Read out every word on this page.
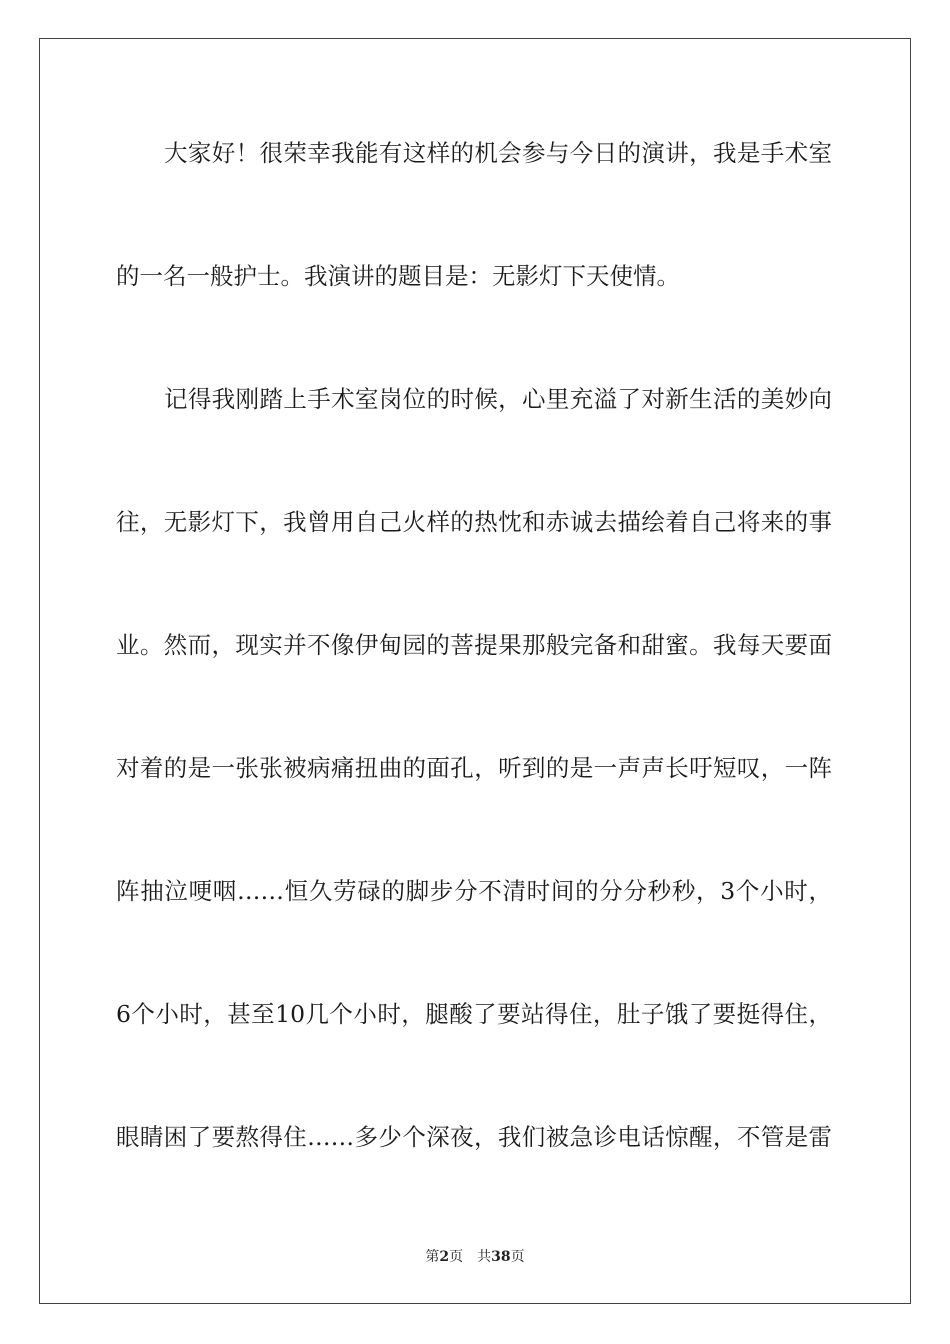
大家好！很荣幸我能有这样的机会参与今日的演讲，我是手术室
的一名一般护士。我演讲的题目是：无影灯下天使情。
记得我刚踏上手术室岗位的时候，心里充溢了对新生活的美妙向
往，无影灯下，我曾用自己火样的热忱和赤诚去描绘着自己将来的事
业。然而，现实并不像伊甸园的菩提果那般完备和甜蜜。我每天要面
对着的是一张张被病痛扭曲的面孔，听到的是一声声长吁短叹，一阵
阵抽泣哽咽……恒久劳碌的脚步分不清时间的分分秒秒，3个小时，
6个小时，甚至10几个小时，腿酸了要站得住，肚子饿了要挺得住，
眼睛困了要熬得住……多少个深夜，我们被急诊电话惊醒，不管是雷
第2页 共38页
